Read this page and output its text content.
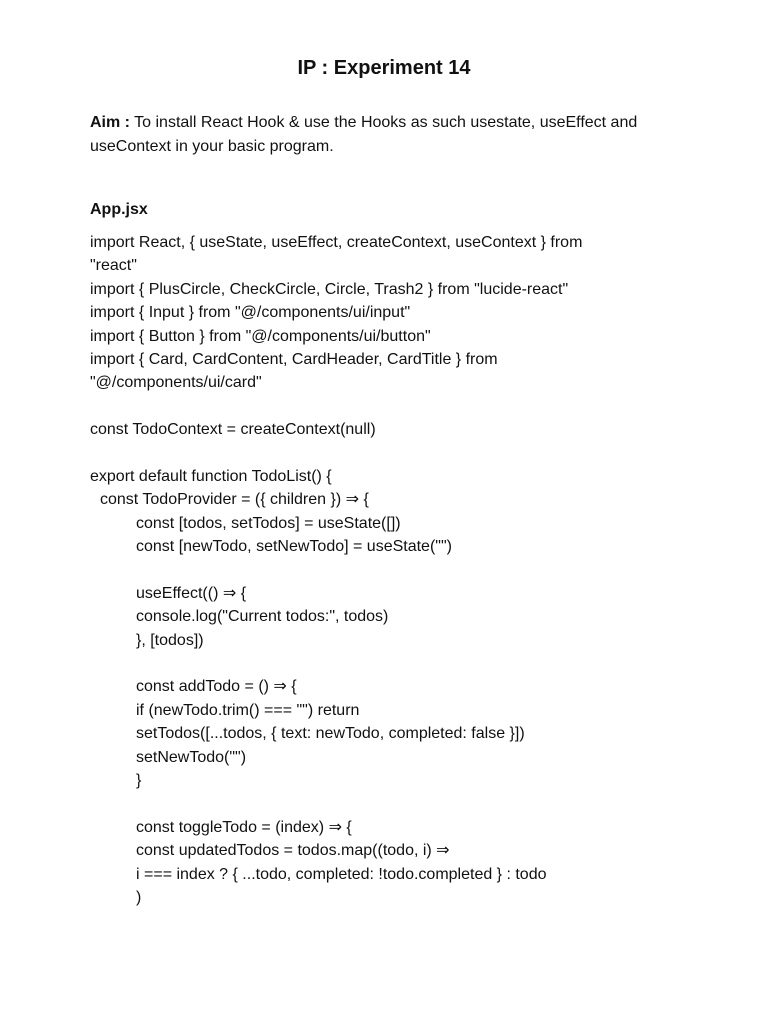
IP : Experiment 14
Aim : To install React Hook & use the Hooks as such usestate, useEffect and useContext in your basic program.
App.jsx
import React, { useState, useEffect, createContext, useContext } from
"react"
import { PlusCircle, CheckCircle, Circle, Trash2 } from "lucide-react"
import { Input } from "@/components/ui/input"
import { Button } from "@/components/ui/button"
import { Card, CardContent, CardHeader, CardTitle } from
"@/components/ui/card"
const TodoContext = createContext(null)
export default function TodoList() {
const TodoProvider = ({ children }) ⇒ {
const [todos, setTodos] = useState([])
const [newTodo, setNewTodo] = useState("")
useEffect(() ⇒ {
console.log("Current todos:", todos)
}, [todos])
const addTodo = () ⇒ {
if (newTodo.trim() === "") return
setTodos([...todos, { text: newTodo, completed: false }])
setNewTodo("")
}
const toggleTodo = (index) ⇒ {
const updatedTodos = todos.map((todo, i) ⇒
i === index ? { ...todo, completed: !todo.completed } : todo
)
